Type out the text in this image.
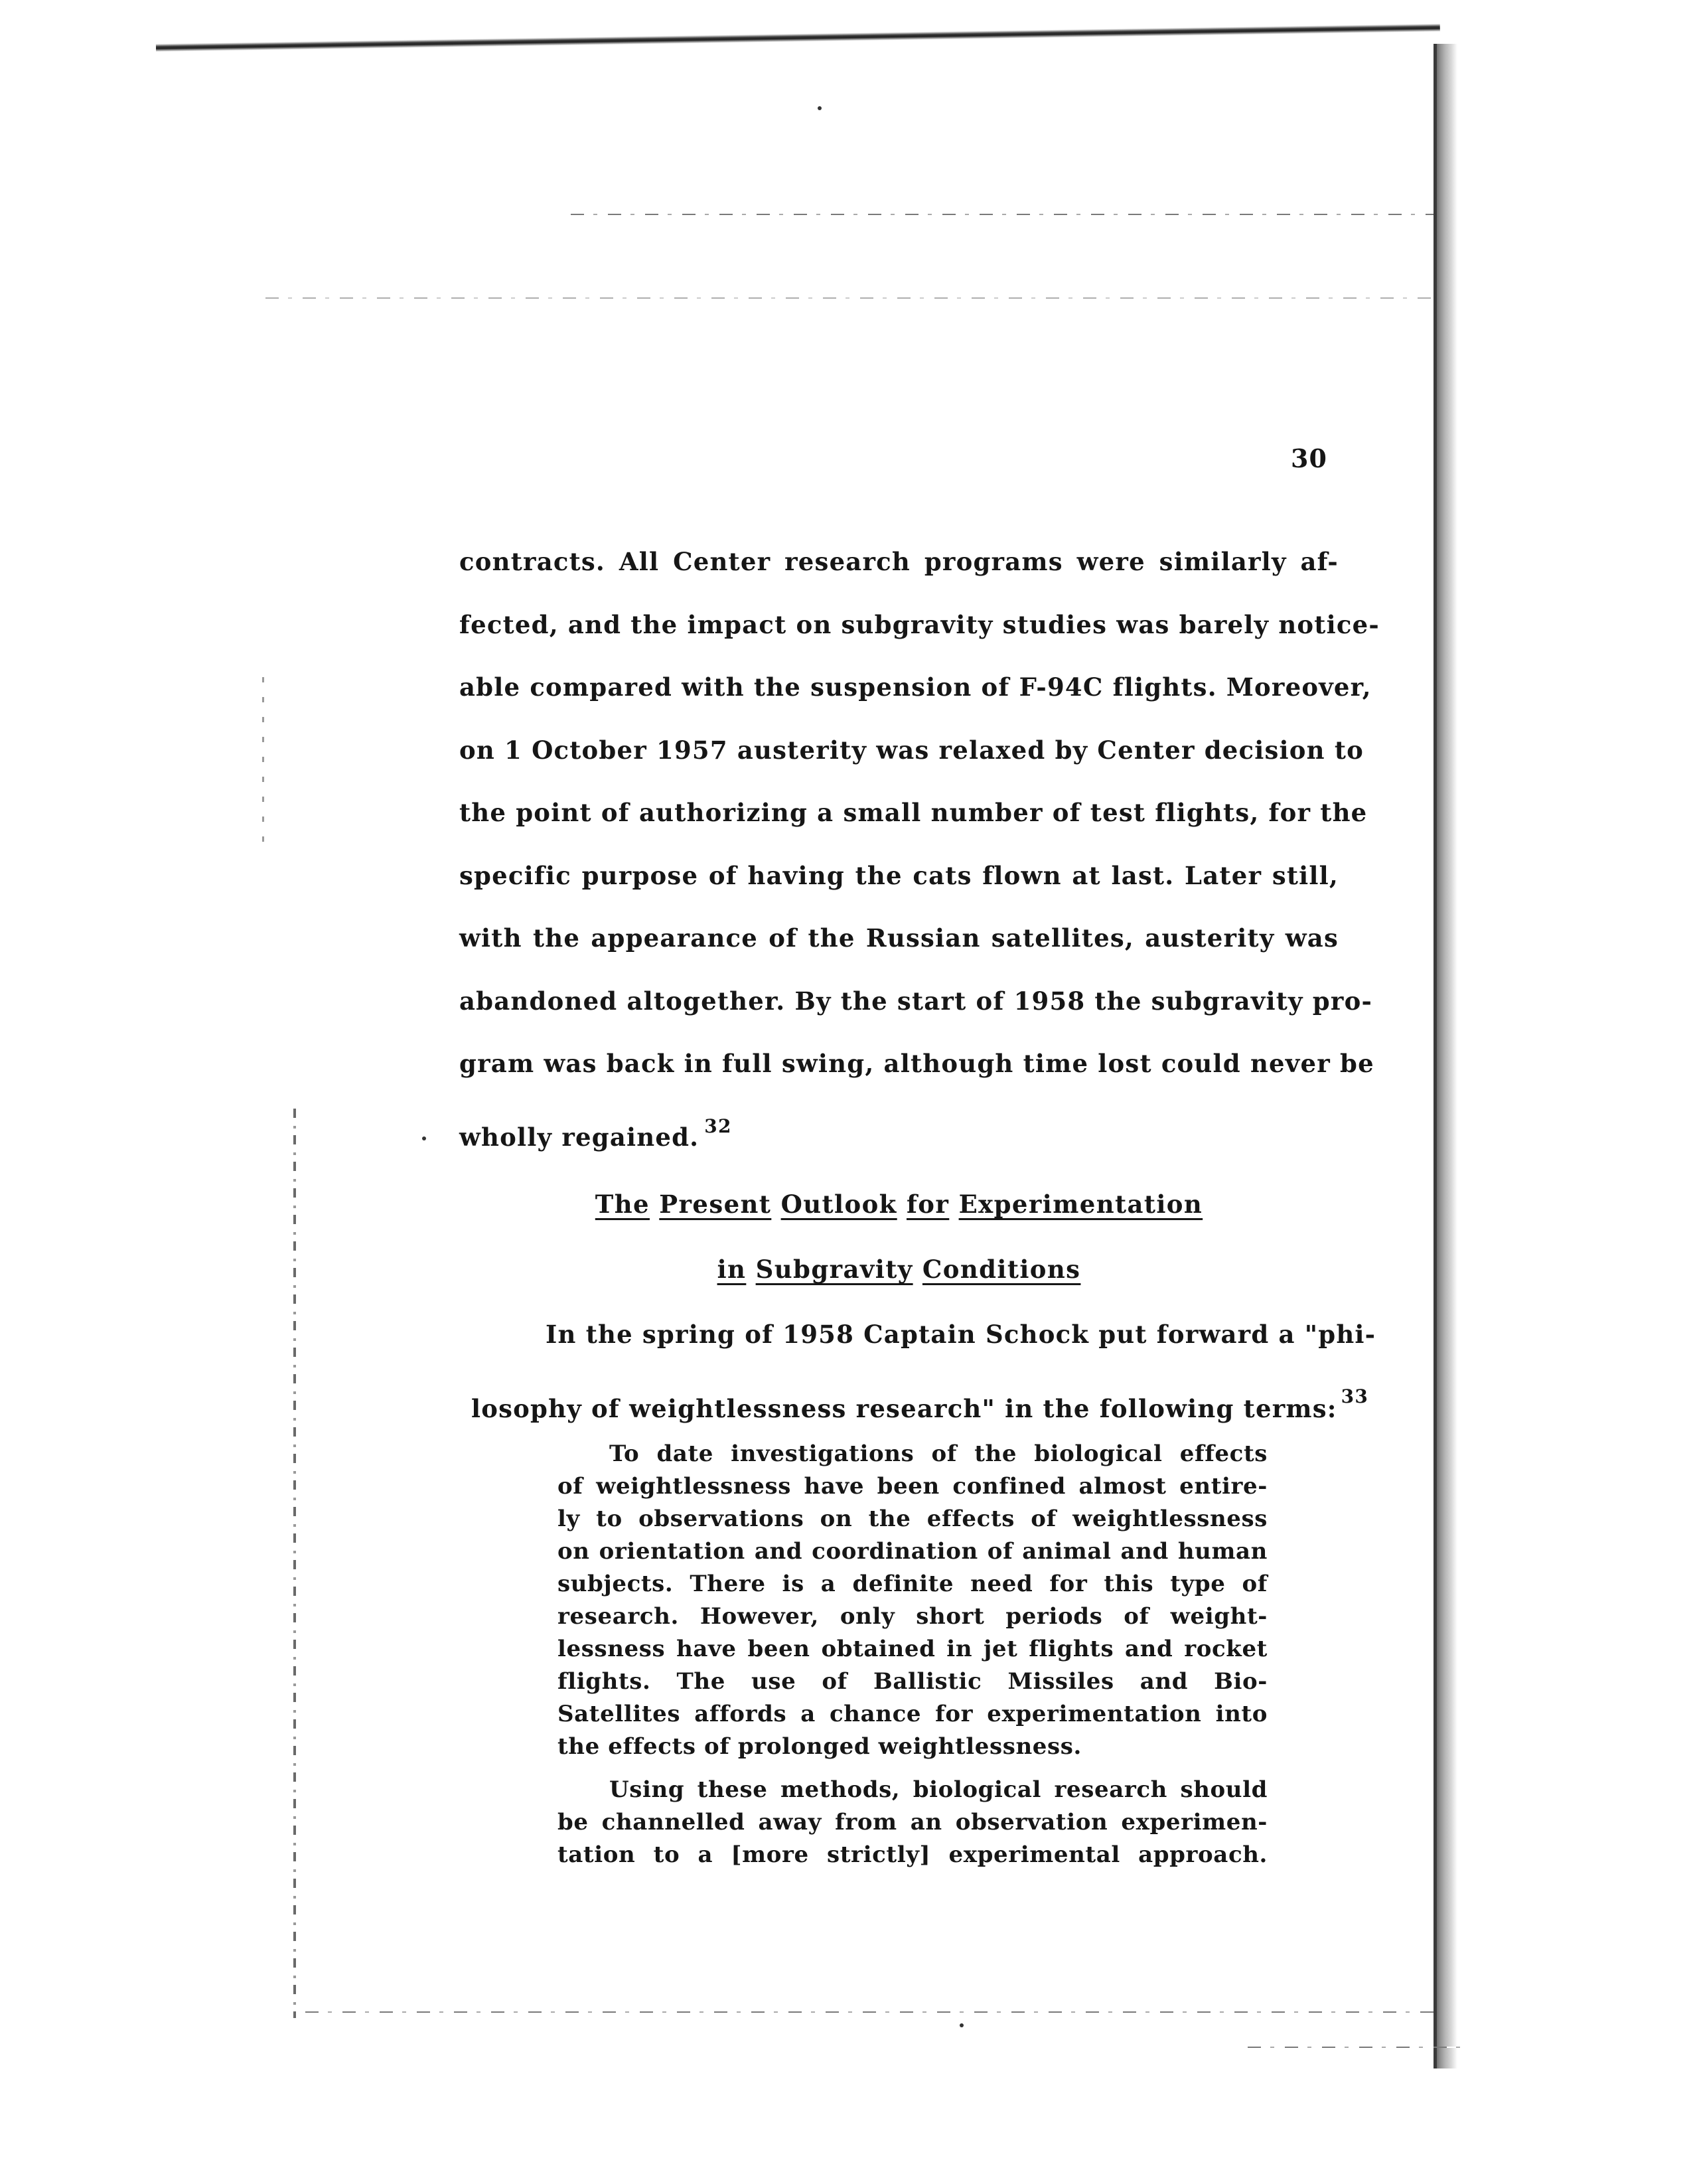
30
contracts. All Center research programs were similarly af-
fected, and the impact on subgravity studies was barely notice-
able compared with the suspension of F-94C flights. Moreover,
on 1 October 1957 austerity was relaxed by Center decision to
the point of authorizing a small number of test flights, for the
specific purpose of having the cats flown at last. Later still,
with the appearance of the Russian satellites, austerity was
abandoned altogether. By the start of 1958 the subgravity pro-
gram was back in full swing, although time lost could never be
wholly regained. $^{32}$
The Present Outlook for Experimentation
in Subgravity Conditions
In the spring of 1958 Captain Schock put forward a "phi-
losophy of weightlessness research" in the following terms: $^{33}$
To date investigations of the biological effects
of weightlessness have been confined almost entire-
ly to observations on the effects of weightlessness
on orientation and coordination of animal and human
subjects. There is a definite need for this type of
research. However, only short periods of weight-
lessness have been obtained in jet flights and rocket
flights. The use of Ballistic Missiles and Bio-
Satellites affords a chance for experimentation into
the effects of prolonged weightlessness.
Using these methods, biological research should
be channelled away from an observation experimen-
tation to a [more strictly] experimental approach.
